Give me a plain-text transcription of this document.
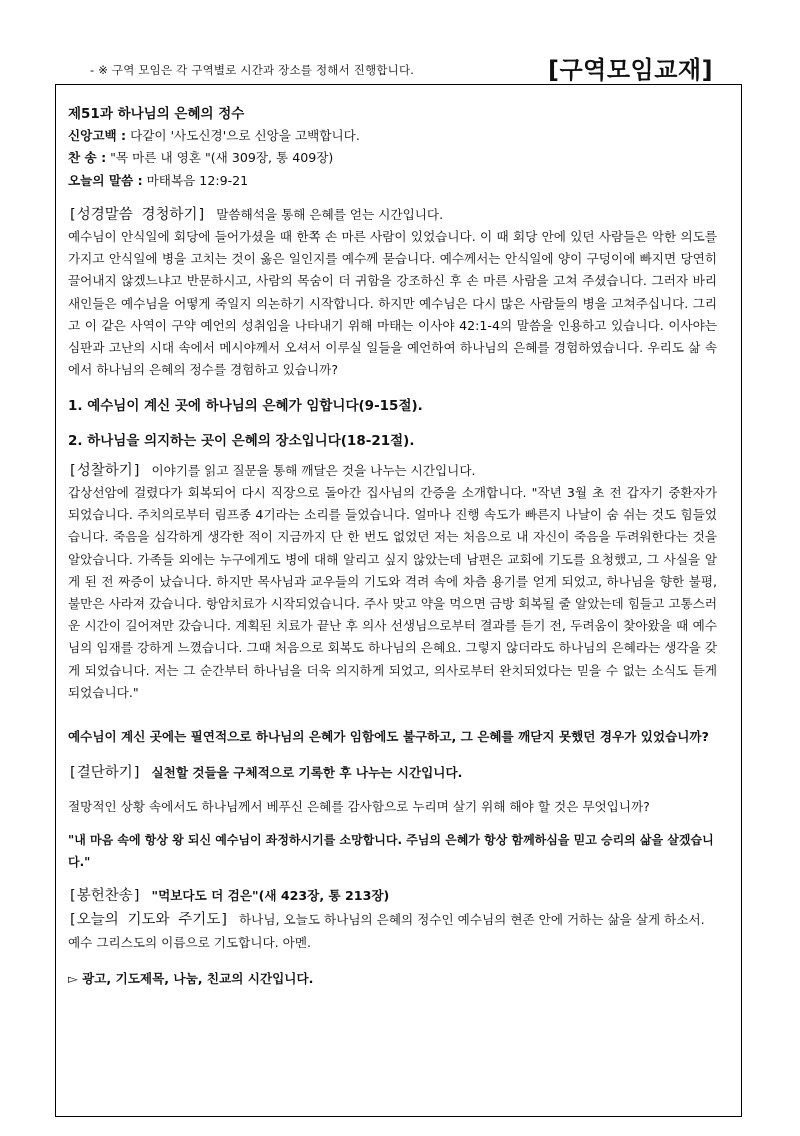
- ※ 구역 모임은 각 구역별로 시간과 장소를 정해서 진행합니다.	[구역모임교재]
제51과 하나님의 은혜의 정수
신앙고백 : 다같이 '사도신경'으로 신앙을 고백합니다.
찬 송 : "목 마른 내 영혼 "(새 309장, 통 409장)
오늘의 말씀 : 마태복음 12:9-21
[성경말씀 경청하기] 말씀해석을 통해 은혜를 얻는 시간입니다.
예수님이 안식일에 회당에 들어가셨을 때 한쪽 손 마른 사람이 있었습니다. 이 때 회당 안에 있던 사람들은 악한 의도를 가지고 안식일에 병을 고치는 것이 옳은 일인지를 예수께 묻습니다. 예수께서는 안식일에 양이 구덩이에 빠지면 당연히 끌어내지 않겠느냐고 반문하시고, 사람의 목숨이 더 귀함을 강조하신 후 손 마른 사람을 고쳐 주셨습니다. 그러자 바리새인들은 예수님을 어떻게 죽일지 의논하기 시작합니다. 하지만 예수님은 다시 많은 사람들의 병을 고쳐주십니다. 그리고 이 같은 사역이 구약 예언의 성취임을 나타내기 위해 마태는 이사야 42:1-4의 말씀을 인용하고 있습니다. 이사야는 심판과 고난의 시대 속에서 메시야께서 오셔서 이루실 일들을 예언하여 하나님의 은혜를 경험하였습니다. 우리도 삶 속에서 하나님의 은혜의 정수를 경험하고 있습니까?
1. 예수님이 계신 곳에 하나님의 은혜가 임합니다(9-15절).
2. 하나님을 의지하는 곳이 은혜의 장소입니다(18-21절).
[성찰하기] 이야기를 읽고 질문을 통해 깨달은 것을 나누는 시간입니다.
갑상선암에 걸렸다가 회복되어 다시 직장으로 돌아간 집사님의 간증을 소개합니다. "작년 3월 초 전 갑자기 중환자가 되었습니다. 주치의로부터 림프종 4기라는 소리를 들었습니다. 얼마나 진행 속도가 빠른지 나날이 숨 쉬는 것도 힘들었습니다. 죽음을 심각하게 생각한 적이 지금까지 단 한 번도 없었던 저는 처음으로 내 자신이 죽음을 두려워한다는 것을 알았습니다. 가족들 외에는 누구에게도 병에 대해 알리고 싶지 않았는데 남편은 교회에 기도를 요청했고, 그 사실을 알게 된 전 짜증이 났습니다. 하지만 목사님과 교우들의 기도와 격려 속에 차츰 용기를 얻게 되었고, 하나님을 향한 불평, 불만은 사라져 갔습니다. 항암치료가 시작되었습니다. 주사 맞고 약을 먹으면 금방 회복될 줄 알았는데 힘들고 고통스러운 시간이 길어져만 갔습니다. 계획된 치료가 끝난 후 의사 선생님으로부터 결과를 듣기 전, 두려움이 찾아왔을 때 예수님의 임재를 강하게 느꼈습니다. 그때 처음으로 회복도 하나님의 은혜요. 그렇지 않더라도 하나님의 은혜라는 생각을 갖게 되었습니다. 저는 그 순간부터 하나님을 더욱 의지하게 되었고, 의사로부터 완치되었다는 믿을 수 없는 소식도 듣게 되었습니다."
예수님이 계신 곳에는 필연적으로 하나님의 은혜가 임함에도 불구하고, 그 은혜를 깨닫지 못했던 경우가 있었습니까?
[결단하기] 실천할 것들을 구체적으로 기록한 후 나누는 시간입니다.
절망적인 상황 속에서도 하나님께서 베푸신 은혜를 감사함으로 누리며 살기 위해 해야 할 것은 무엇입니까?
"내 마음 속에 항상 왕 되신 예수님이 좌정하시기를 소망합니다. 주님의 은혜가 항상 함께하심을 믿고 승리의 삶을 살겠습니다."
[봉헌찬송] "먹보다도 더 검은"(새 423장, 통 213장)
[오늘의 기도와 주기도] 하나님, 오늘도 하나님의 은혜의 정수인 예수님의 현존 안에 거하는 삶을 살게 하소서. 예수 그리스도의 이름으로 기도합니다. 아멘.
▻ 광고, 기도제목, 나눔, 친교의 시간입니다.
